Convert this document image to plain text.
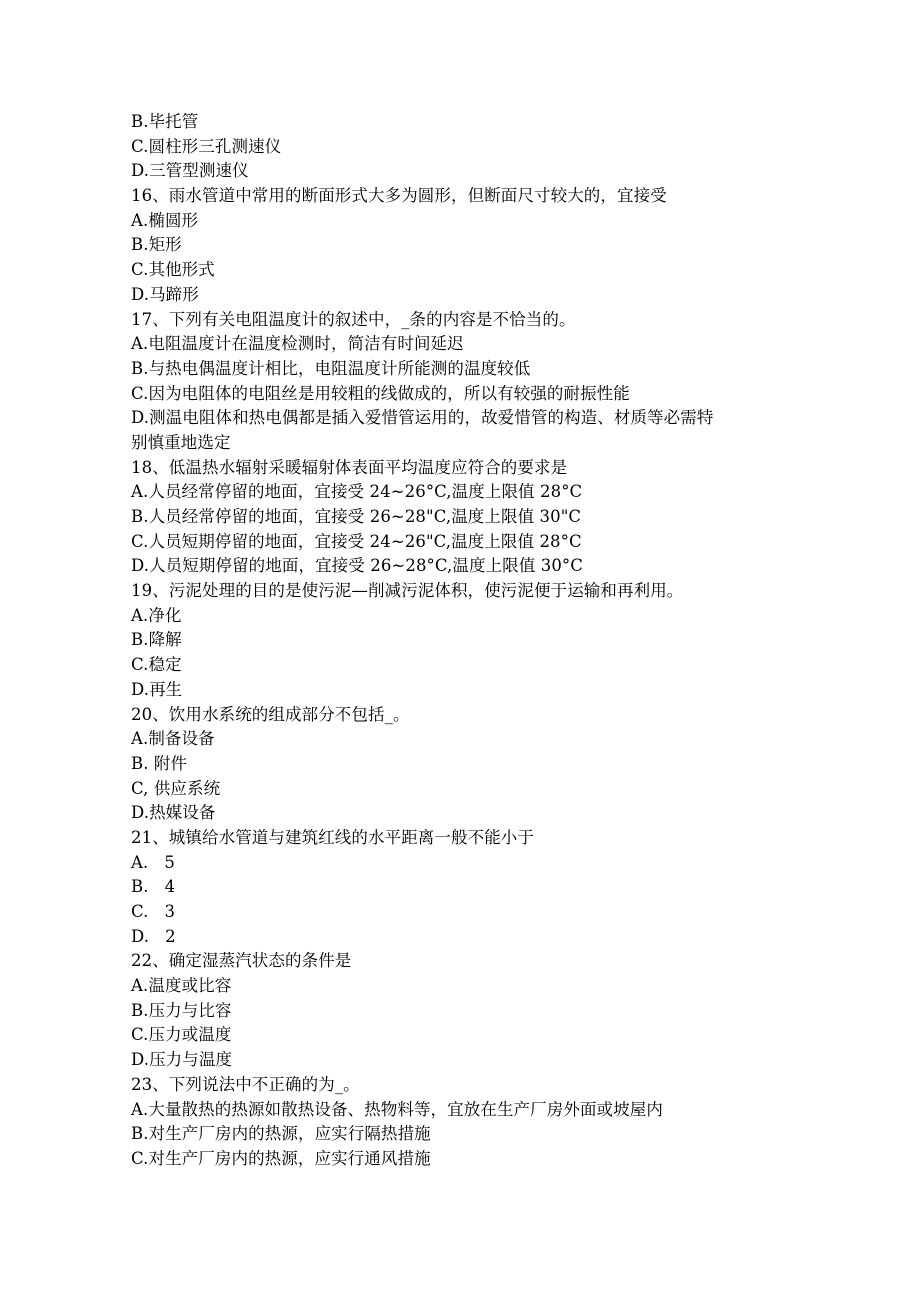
B.毕托管
C.圆柱形三孔测速仪
D.三管型测速仪
16、雨水管道中常用的断面形式大多为圆形，但断面尺寸较大的，宜接受
A.椭圆形
B.矩形
C.其他形式
D.马蹄形
17、下列有关电阻温度计的叙述中，_条的内容是不恰当的。
A.电阻温度计在温度检测时，简洁有时间延迟
B.与热电偶温度计相比，电阻温度计所能测的温度较低
C.因为电阻体的电阻丝是用较粗的线做成的，所以有较强的耐振性能
D.测温电阻体和热电偶都是插入爱惜管运用的，故爱惜管的构造、材质等必需特
别慎重地选定
18、低温热水辐射采暖辐射体表面平均温度应符合的要求是
A.人员经常停留的地面，宜接受 24~26°C,温度上限值 28°C
B.人员经常停留的地面，宜接受 26~28"C,温度上限值 30"C
C.人员短期停留的地面，宜接受 24~26"C,温度上限值 28°C
D.人员短期停留的地面，宜接受 26~28°C,温度上限值 30°C
19、污泥处理的目的是使污泥—削减污泥体积，使污泥便于运输和再利用。
A.净化
B.降解
C.稳定
D.再生
20、饮用水系统的组成部分不包括_。
A.制备设备
B. 附件
C, 供应系统
D.热媒设备
21、城镇给水管道与建筑红线的水平距离一般不能小于
A.   5
B.   4
C.   3
D.   2
22、确定湿蒸汽状态的条件是
A.温度或比容
B.压力与比容
C.压力或温度
D.压力与温度
23、下列说法中不正确的为_。
A.大量散热的热源如散热设备、热物料等，宜放在生产厂房外面或坡屋内
B.对生产厂房内的热源，应实行隔热措施
C.对生产厂房内的热源，应实行通风措施
